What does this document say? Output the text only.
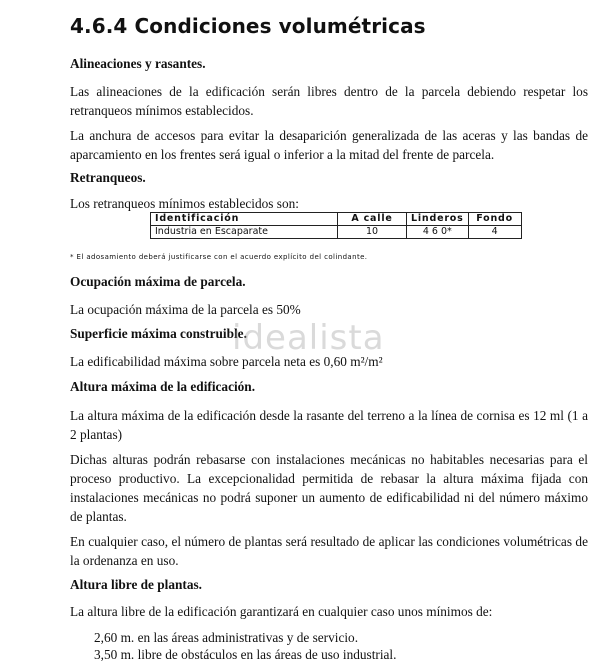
4.6.4 Condiciones volumétricas
Alineaciones y rasantes.
Las alineaciones de la edificación serán libres dentro de la parcela debiendo respetar los retranqueos mínimos establecidos.
La anchura de accesos para evitar la desaparición generalizada de las aceras y las bandas de aparcamiento en los frentes será igual o inferior a la mitad del frente de parcela.
Retranqueos.
Los retranqueos mínimos establecidos son:
Identificación	A calle	Linderos	Fondo
Industria en Escaparate	10	4 6 0*	4
* El adosamiento deberá justificarse con el acuerdo explícito del colindante.
Ocupación máxima de parcela.
La ocupación máxima de la parcela es 50%
Superficie máxima construible.
La edificabilidad máxima sobre parcela neta es 0,60 m²/m²
Altura máxima de la edificación.
La altura máxima de la edificación desde la rasante del terreno a la línea de cornisa es 12 ml (1 a 2 plantas)
Dichas alturas podrán rebasarse con instalaciones mecánicas no habitables necesarias para el proceso productivo. La excepcionalidad permitida de rebasar la altura máxima fijada con instalaciones mecánicas no podrá suponer un aumento de edificabilidad ni del número máximo de plantas.
En cualquier caso, el número de plantas será resultado de aplicar las condiciones volumétricas de la ordenanza en uso.
Altura libre de plantas.
La altura libre de la edificación garantizará en cualquier caso unos mínimos de:
2,60 m. en las áreas administrativas y de servicio.
3,50 m. libre de obstáculos en las áreas de uso industrial.
idealista
